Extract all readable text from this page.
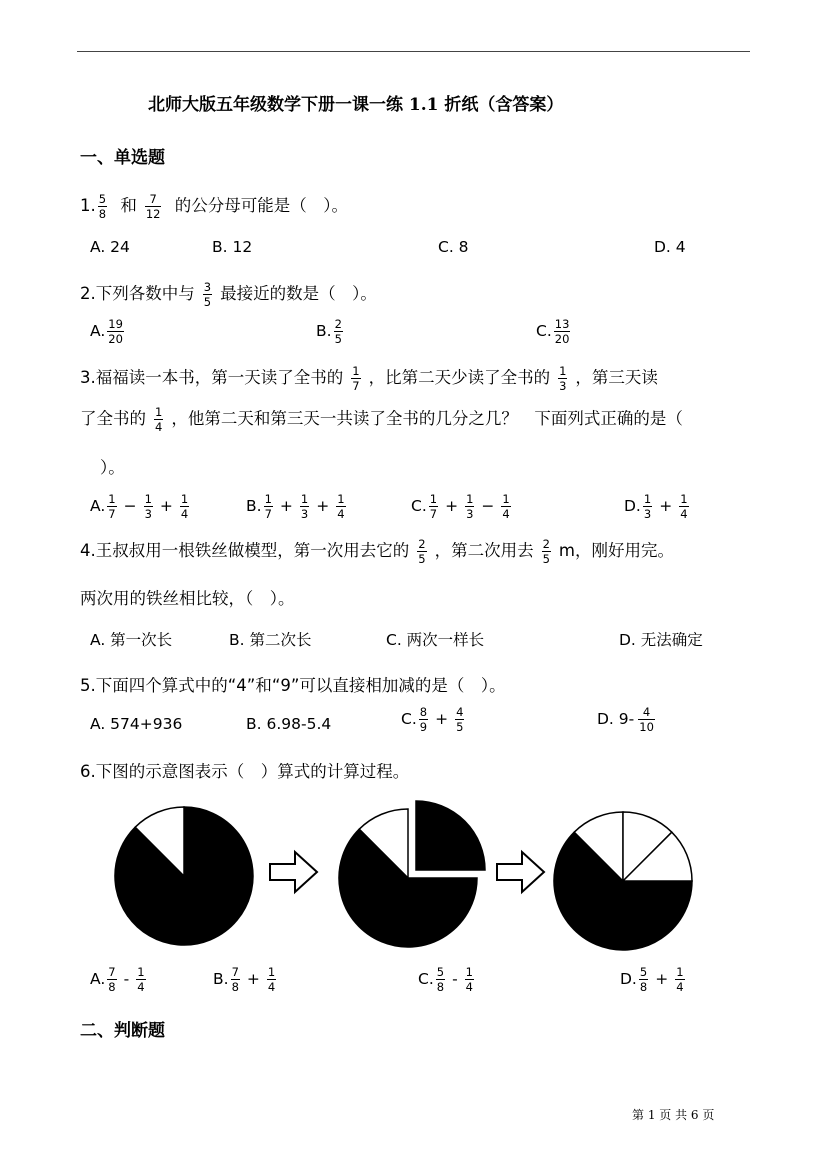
北师大版五年级数学下册一课一练 1.1 折纸（含答案）
一、单选题
1. $\frac{5}{8}$ 和 $\frac{7}{12}$ 的公分母可能是（　）。
A. 24	B. 12	C. 8	D. 4
2.下列各数中与 $\frac{3}{5}$ 最接近的数是（　）。
A. $\frac{19}{20}$	B. $\frac{2}{5}$	C. $\frac{13}{20}$
3.福福读一本书，第一天读了全书的 $\frac{1}{7}$ ，比第二天少读了全书的 $\frac{1}{3}$ ，第三天读
了全书的 $\frac{1}{4}$ ，他第二天和第三天一共读了全书的几分之几？　下面列式正确的是（
）。
A. $\frac{1}{7} - \frac{1}{3} + \frac{1}{4}$	B. $\frac{1}{7} + \frac{1}{3} + \frac{1}{4}$	C. $\frac{1}{7} + \frac{1}{3} - \frac{1}{4}$	D. $\frac{1}{3} + \frac{1}{4}$
4.王叔叔用一根铁丝做模型，第一次用去它的 $\frac{2}{5}$ ，第二次用去 $\frac{2}{5}$ m，刚好用完。
两次用的铁丝相比较，（　）。
A. 第一次长	B. 第二次长	C. 两次一样长	D. 无法确定
5.下面四个算式中的“4”和“9”可以直接相加减的是（　）。
A. 574+936	B. 6.98-5.4	C. $\frac{8}{9} + \frac{4}{5}$	D. $9- \frac{4}{10}$
6.下图的示意图表示（　）算式的计算过程。
A. $\frac{7}{8} - \frac{1}{4}$	B. $\frac{7}{8} + \frac{1}{4}$	C. $\frac{5}{8} - \frac{1}{4}$	D. $\frac{5}{8} + \frac{1}{4}$
二、判断题
第 1 页 共 6 页
